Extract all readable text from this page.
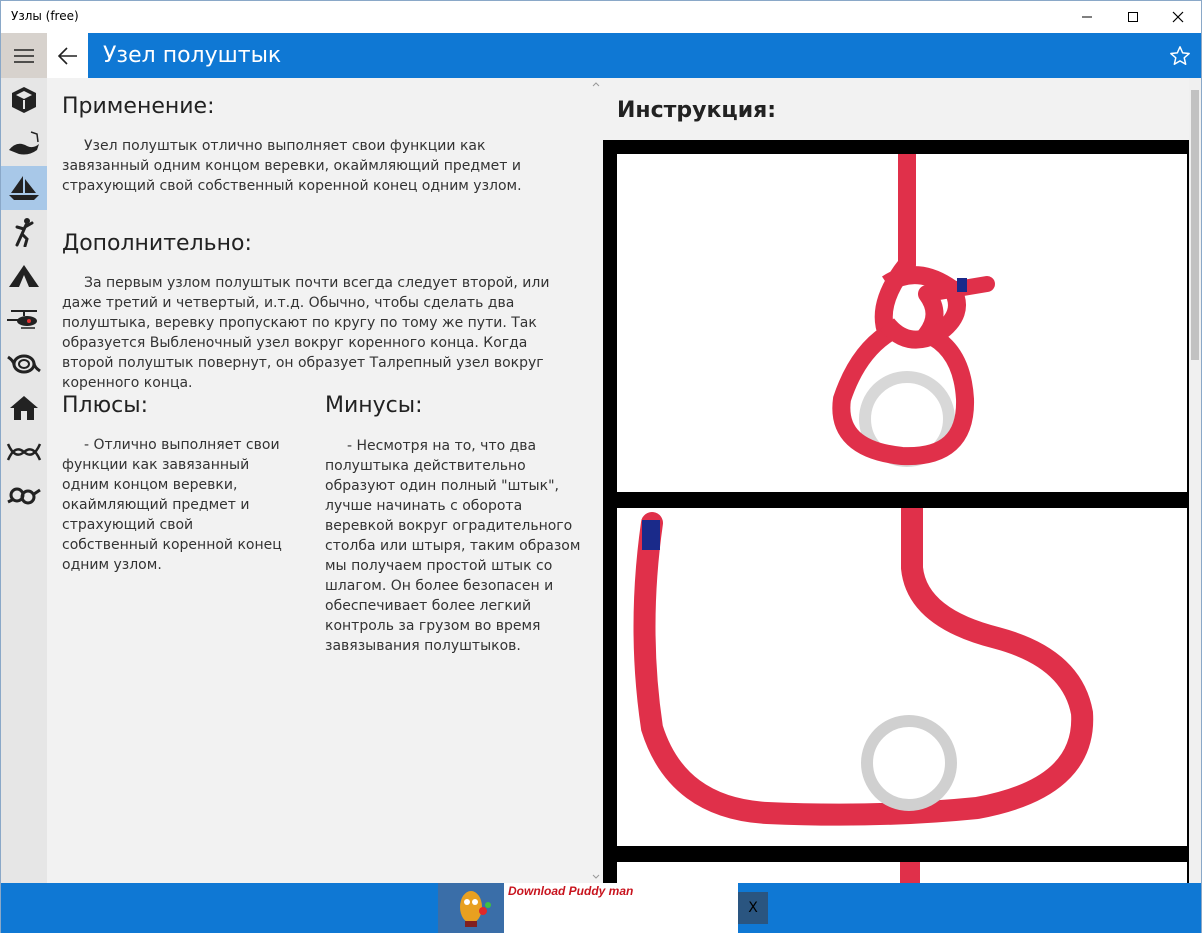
Узлы (free)
Узел полуштык
Применение:

Узел полуштык отлично выполняет свои функции как завязанный одним концом веревки, окаймляющий предмет и страхующий свой собственный коренной конец одним узлом.

Дополнительно:

За первым узлом полуштык почти всегда следует второй, или даже третий и четвертый, и.т.д. Обычно, чтобы сделать два полуштыка, веревку пропускают по кругу по тому же пути. Так образуется Выбленочный узел вокруг коренного конца. Когда второй полуштык повернут, он образует Талрепный узел вокруг коренного конца.

Плюсы:

- Отлично выполняет свои функции как завязанный одним концом веревки, окаймляющий предмет и страхующий свой собственный коренной конец одним узлом.

Минусы:

- Несмотря на то, что два полуштыка действительно образуют один полный "штык", лучше начинать с оборота веревкой вокруг оградительного столба или штыря, таким образом мы получаем простой штык со шлагом. Он более безопасен и обеспечивает более легкий контроль за грузом во время завязывания полуштыков.

Инструкция:
Download Puddy man
X
